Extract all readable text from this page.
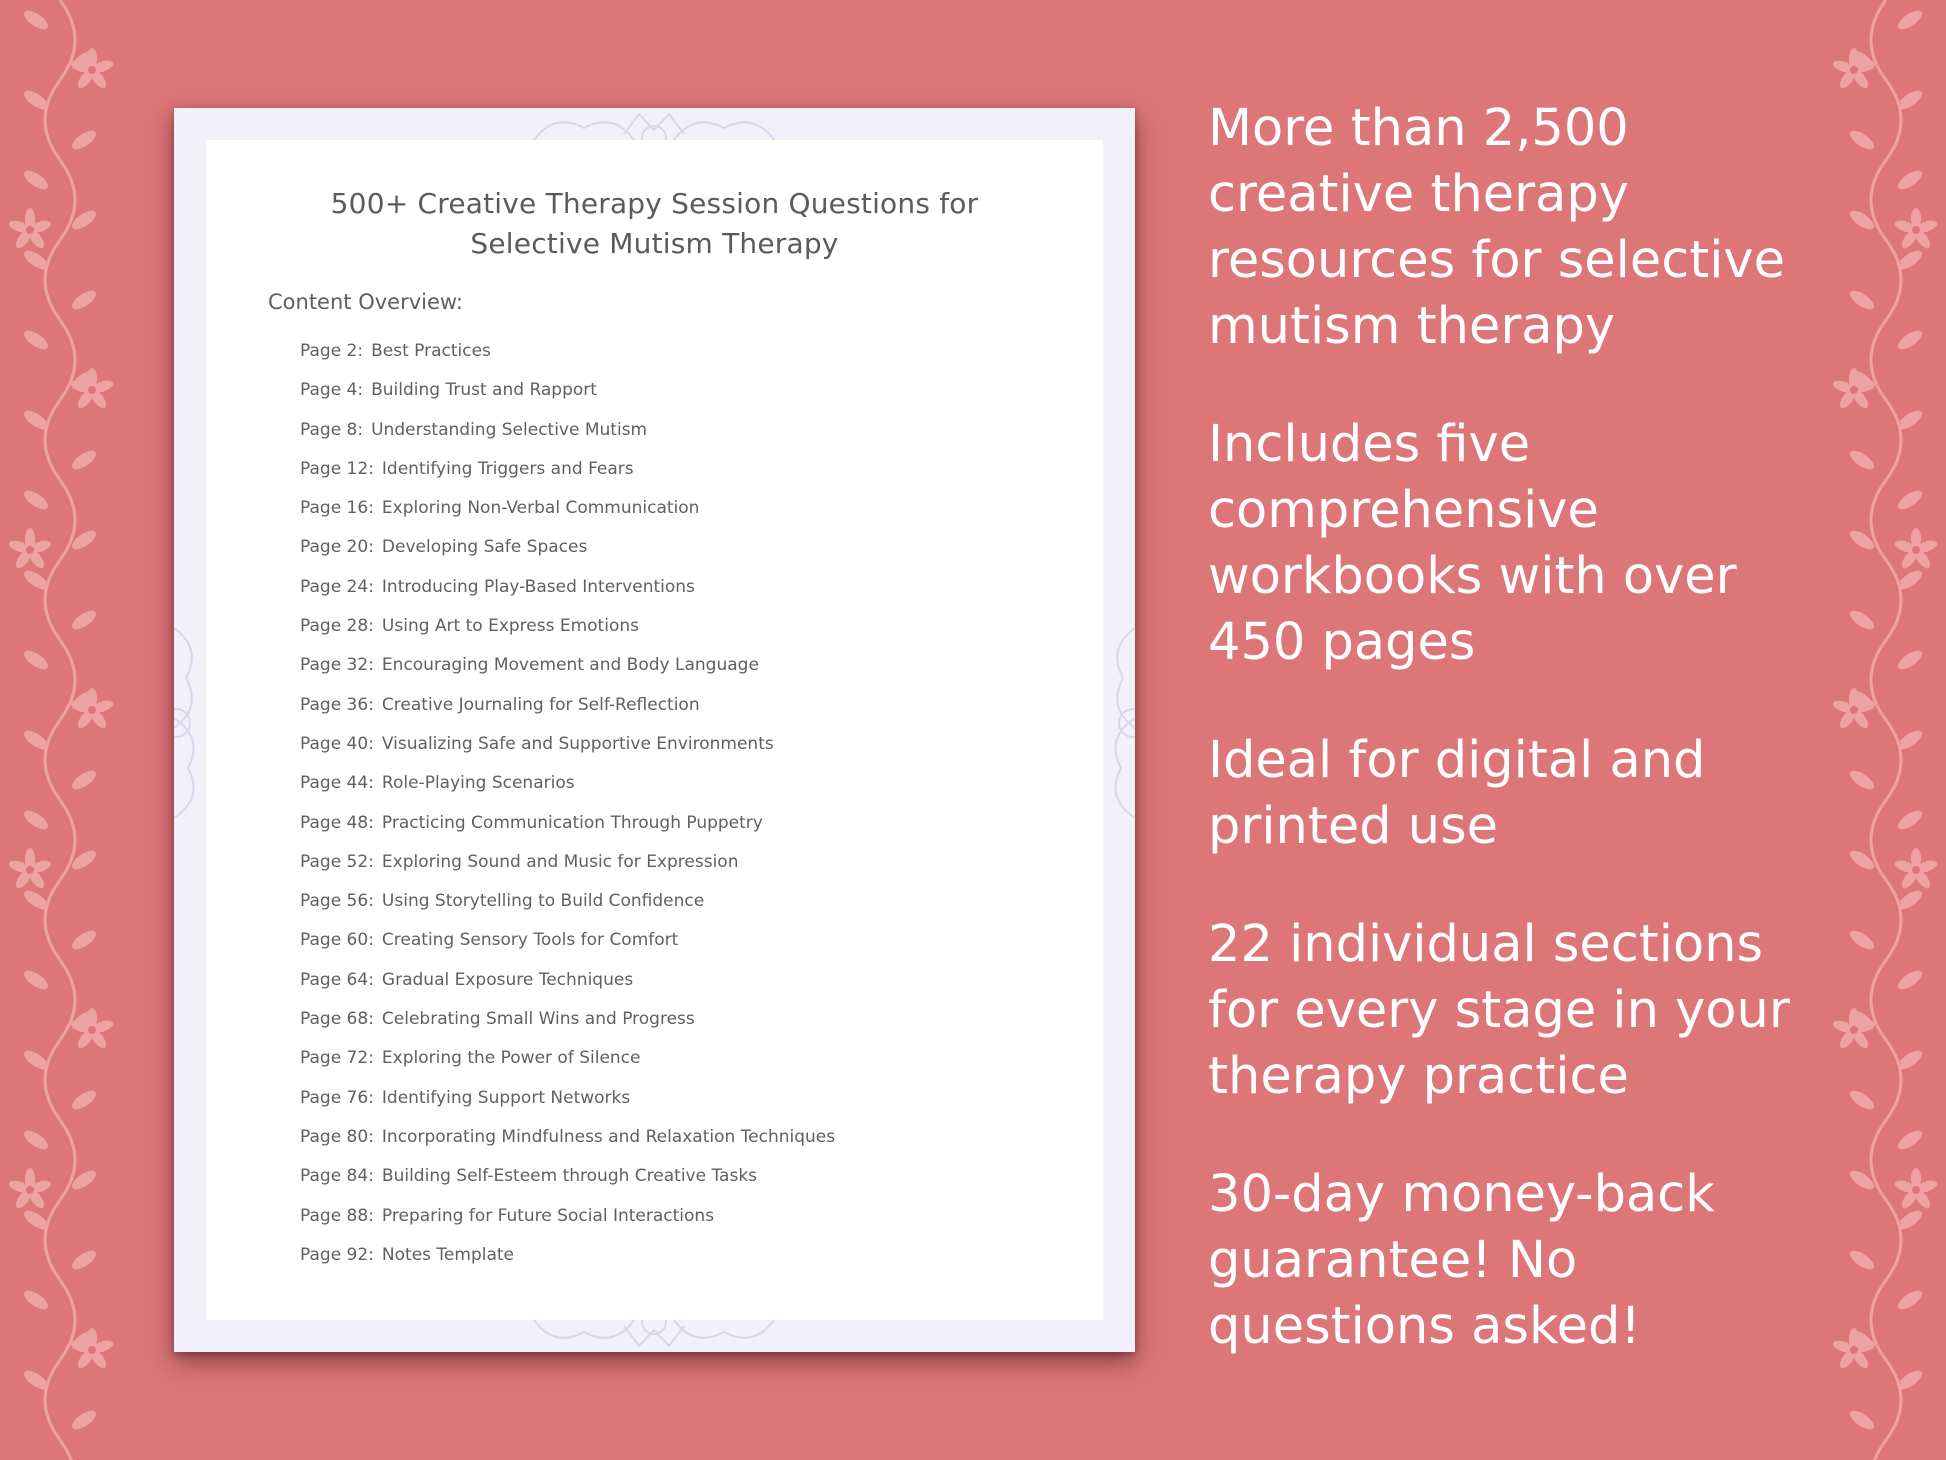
500+ Creative Therapy Session Questions for
Selective Mutism Therapy
Content Overview:
Page 2: Best Practices
Page 4: Building Trust and Rapport
Page 8: Understanding Selective Mutism
Page 12: Identifying Triggers and Fears
Page 16: Exploring Non-Verbal Communication
Page 20: Developing Safe Spaces
Page 24: Introducing Play-Based Interventions
Page 28: Using Art to Express Emotions
Page 32: Encouraging Movement and Body Language
Page 36: Creative Journaling for Self-Reflection
Page 40: Visualizing Safe and Supportive Environments
Page 44: Role-Playing Scenarios
Page 48: Practicing Communication Through Puppetry
Page 52: Exploring Sound and Music for Expression
Page 56: Using Storytelling to Build Confidence
Page 60: Creating Sensory Tools for Comfort
Page 64: Gradual Exposure Techniques
Page 68: Celebrating Small Wins and Progress
Page 72: Exploring the Power of Silence
Page 76: Identifying Support Networks
Page 80: Incorporating Mindfulness and Relaxation Techniques
Page 84: Building Self-Esteem through Creative Tasks
Page 88: Preparing for Future Social Interactions
Page 92: Notes Template
More than 2,500
creative therapy
resources for selective
mutism therapy
Includes five
comprehensive
workbooks with over
450 pages
Ideal for digital and
printed use
22 individual sections
for every stage in your
therapy practice
30-day money-back
guarantee! No
questions asked!
